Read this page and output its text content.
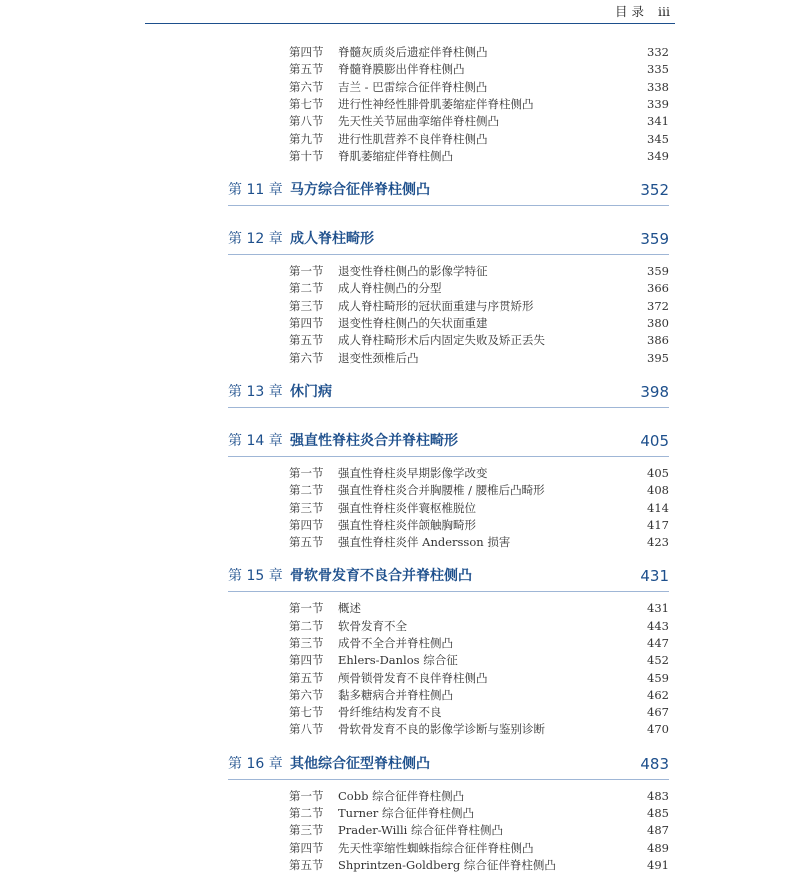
目 录 iii
第四节 脊髓灰质炎后遗症伴脊柱侧凸	332
第五节 脊髓脊膜膨出伴脊柱侧凸	335
第六节 吉兰 - 巴雷综合征伴脊柱侧凸	338
第七节 进行性神经性腓骨肌萎缩症伴脊柱侧凸	339
第八节 先天性关节屈曲挛缩伴脊柱侧凸	341
第九节 进行性肌营养不良伴脊柱侧凸	345
第十节 脊肌萎缩症伴脊柱侧凸	349
第 11 章 马方综合征伴脊柱侧凸	352
第 12 章 成人脊柱畸形	359
第一节 退变性脊柱侧凸的影像学特征	359
第二节 成人脊柱侧凸的分型	366
第三节 成人脊柱畸形的冠状面重建与序贯矫形	372
第四节 退变性脊柱侧凸的矢状面重建	380
第五节 成人脊柱畸形术后内固定失败及矫正丢失	386
第六节 退变性颈椎后凸	395
第 13 章 休门病	398
第 14 章 强直性脊柱炎合并脊柱畸形	405
第一节 强直性脊柱炎早期影像学改变	405
第二节 强直性脊柱炎合并胸腰椎 / 腰椎后凸畸形	408
第三节 强直性脊柱炎伴寰枢椎脱位	414
第四节 强直性脊柱炎伴颌触胸畸形	417
第五节 强直性脊柱炎伴 Andersson 损害	423
第 15 章 骨软骨发育不良合并脊柱侧凸	431
第一节 概述	431
第二节 软骨发育不全	443
第三节 成骨不全合并脊柱侧凸	447
第四节 Ehlers-Danlos 综合征	452
第五节 颅骨锁骨发育不良伴脊柱侧凸	459
第六节 黏多糖病合并脊柱侧凸	462
第七节 骨纤维结构发育不良	467
第八节 骨软骨发育不良的影像学诊断与鉴别诊断	470
第 16 章 其他综合征型脊柱侧凸	483
第一节 Cobb 综合征伴脊柱侧凸	483
第二节 Turner 综合征伴脊柱侧凸	485
第三节 Prader-Willi 综合征伴脊柱侧凸	487
第四节 先天性挛缩性蜘蛛指综合征伴脊柱侧凸	489
第五节 Shprintzen-Goldberg 综合征伴脊柱侧凸	491
